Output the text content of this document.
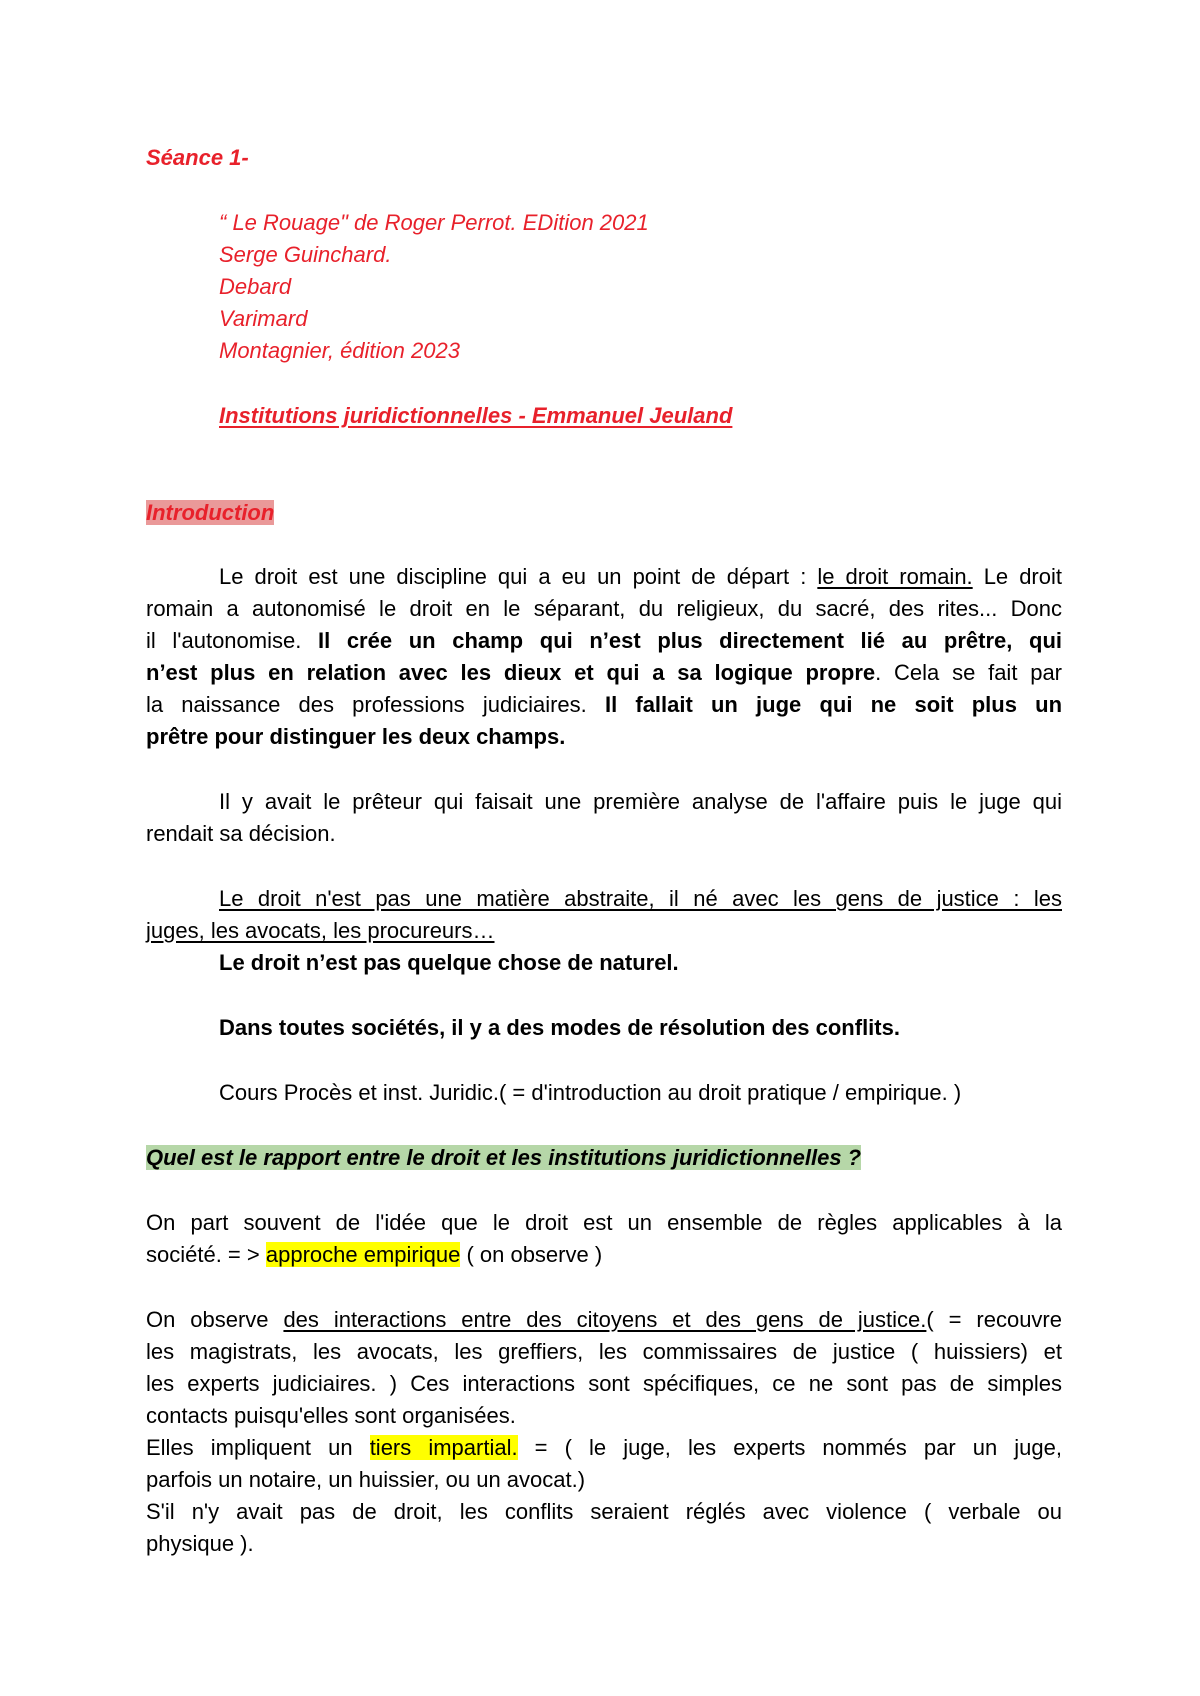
Séance 1-
“ Le Rouage" de Roger Perrot. EDition 2021
Serge Guinchard.
Debard
Varimard
Montagnier, édition 2023
Institutions juridictionnelles - Emmanuel Jeuland
Introduction
Le droit est une discipline qui a eu un point de départ : le droit romain. Le droit
romain a autonomisé le droit en le séparant, du religieux, du sacré, des rites... Donc
il l'autonomise. Il crée un champ qui n’est plus directement lié au prêtre, qui
n’est plus en relation avec les dieux et qui a sa logique propre. Cela se fait par
la naissance des professions judiciaires. Il fallait un juge qui ne soit plus un
prêtre pour distinguer les deux champs.
Il y avait le prêteur qui faisait une première analyse de l'affaire puis le juge qui
rendait sa décision.
Le droit n'est pas une matière abstraite, il né avec les gens de justice : les
juges, les avocats, les procureurs…
Le droit n’est pas quelque chose de naturel.
Dans toutes sociétés, il y a des modes de résolution des conflits.
Cours Procès et inst. Juridic.( = d'introduction au droit pratique / empirique. )
Quel est le rapport entre le droit et les institutions juridictionnelles ?
On part souvent de l'idée que le droit est un ensemble de règles applicables à la
société. = > approche empirique ( on observe )
On observe des interactions entre des citoyens et des gens de justice.( = recouvre
les magistrats, les avocats, les greffiers, les commissaires de justice ( huissiers) et
les experts judiciaires. ) Ces interactions sont spécifiques, ce ne sont pas de simples
contacts puisqu'elles sont organisées.
Elles impliquent un tiers impartial. = ( le juge, les experts nommés par un juge,
parfois un notaire, un huissier, ou un avocat.)
S'il n'y avait pas de droit, les conflits seraient réglés avec violence ( verbale ou
physique ).
